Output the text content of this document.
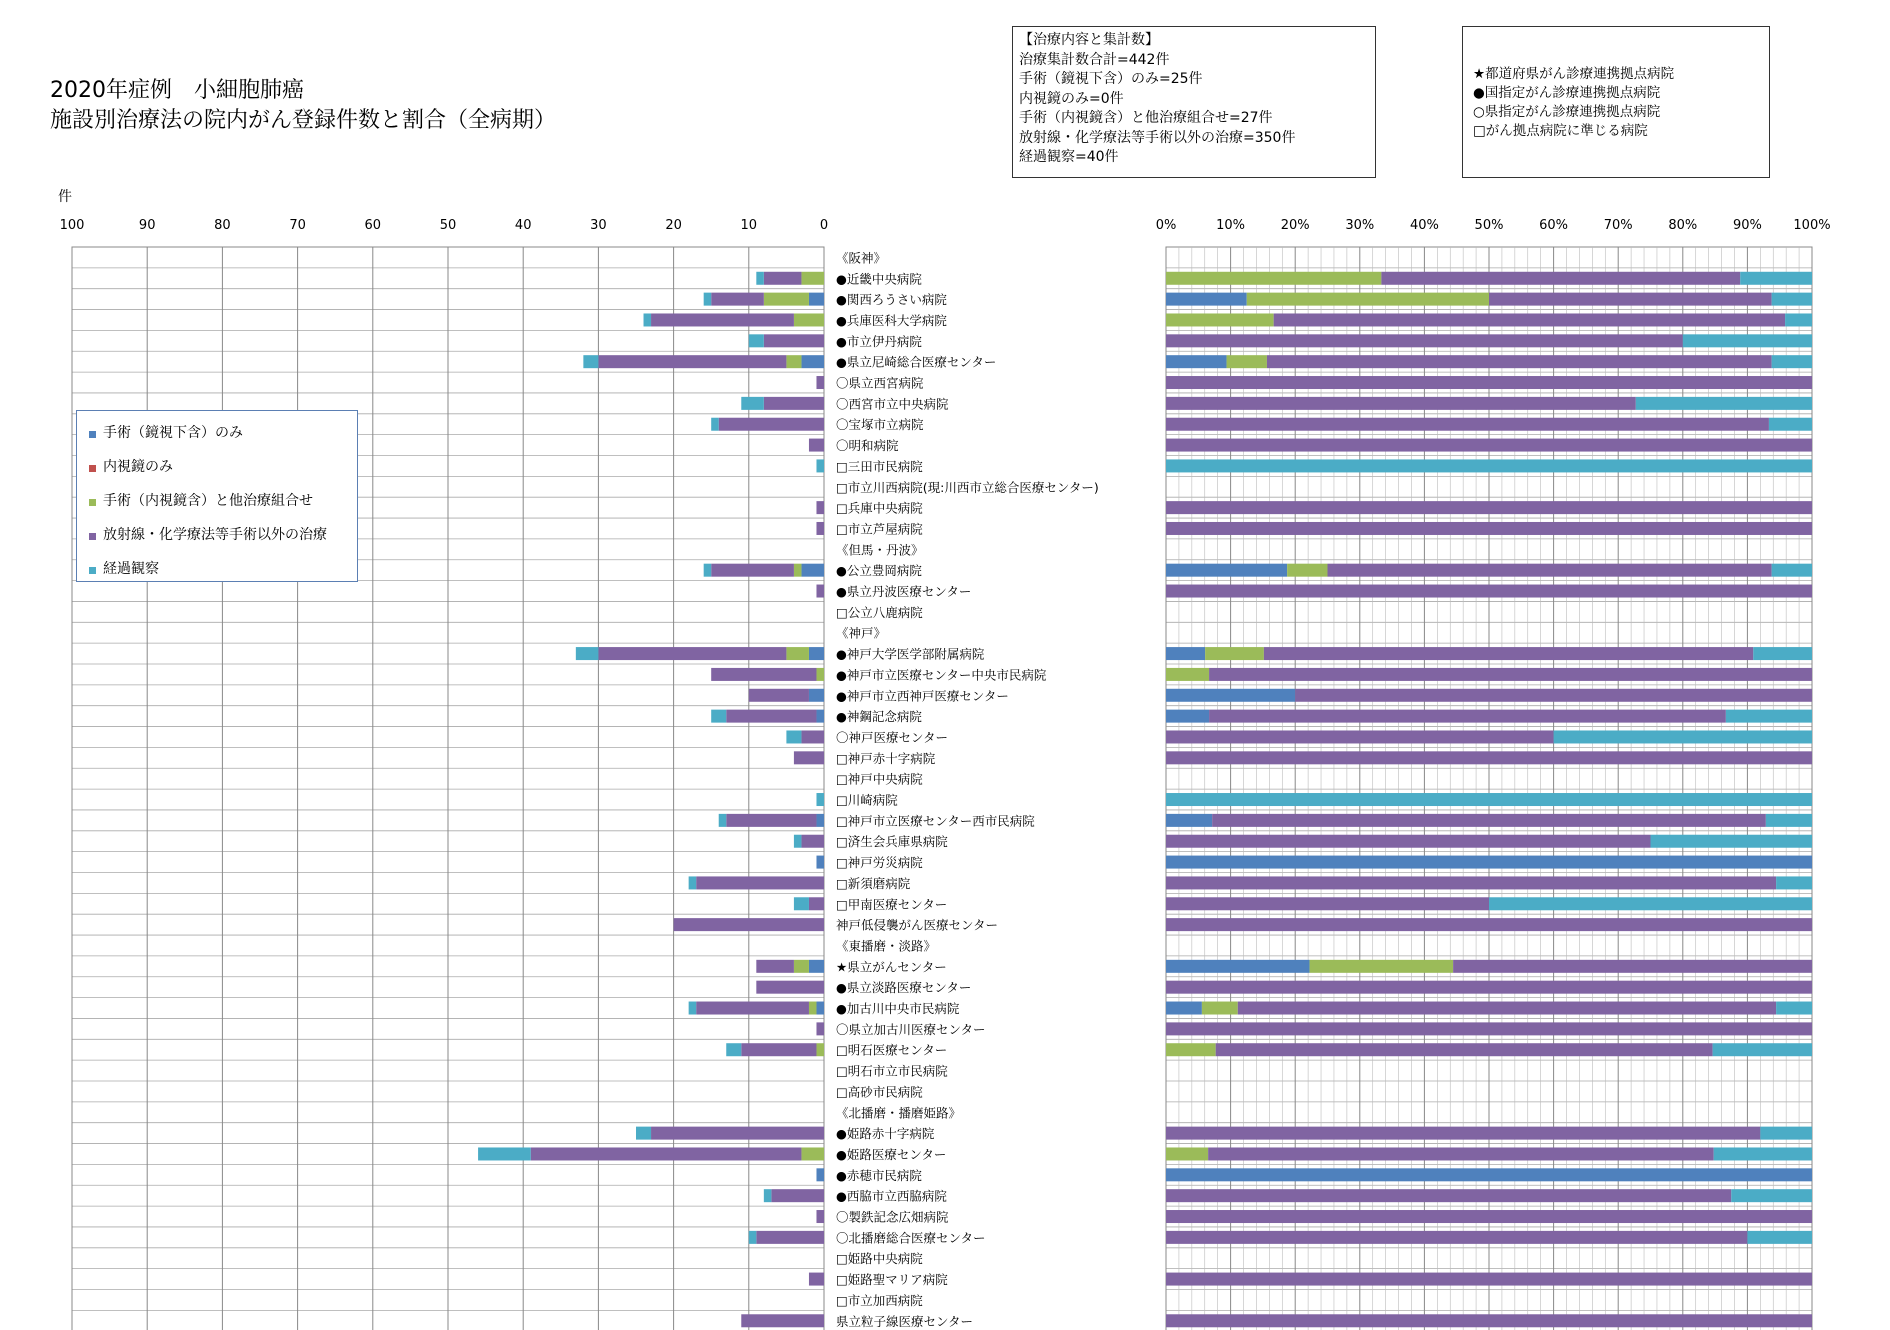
2020年症例　小細胞肺癌
施設別治療法の院内がん登録件数と割合（全病期）
【治療内容と集計数】
治療集計数合計=442件
手術（鏡視下含）のみ=25件
内視鏡のみ=0件
手術（内視鏡含）と他治療組合せ=27件
放射線・化学療法等手術以外の治療=350件
経過観察=40件
★都道府県がん診療連携拠点病院
●国指定がん診療連携拠点病院
○県指定がん診療連携拠点病院
□がん拠点病院に準じる病院
件
100	90	80	70	60	50	40	30	20	10	0	0%	10%	20%	30%	40%	50%	60%	70%	80%	90% 100%
《阪神》
●近畿中央病院
●関西ろうさい病院
●兵庫医科大学病院
●市立伊丹病院
●県立尼崎総合医療センター
〇県立西宮病院
〇西宮市立中央病院
〇宝塚市立病院
〇明和病院
□三田市民病院
□市立川西病院(現:川西市立総合医療センター)
□兵庫中央病院
□市立芦屋病院
《但馬・丹波》
●公立豊岡病院
●県立丹波医療センター
□公立八鹿病院
《神戸》
●神戸大学医学部附属病院
●神戸市立医療センター中央市民病院
●神戸市立西神戸医療センター
●神鋼記念病院
〇神戸医療センター
□神戸赤十字病院
□神戸中央病院
□川崎病院
□神戸市立医療センター西市民病院
□済生会兵庫県病院
□神戸労災病院
□新須磨病院
□甲南医療センター
神戸低侵襲がん医療センター
《東播磨・淡路》
★県立がんセンター
●県立淡路医療センター
●加古川中央市民病院
〇県立加古川医療センター
□明石医療センター
□明石市立市民病院
□高砂市民病院
《北播磨・播磨姫路》
●姫路赤十字病院
●姫路医療センター
●赤穂市民病院
●西脇市立西脇病院
〇製鉄記念広畑病院
〇北播磨総合医療センター
□姫路中央病院
□姫路聖マリア病院
□市立加西病院
県立粒子線医療センター
手術（鏡視下含）のみ
内視鏡のみ
手術（内視鏡含）と他治療組合せ
放射線・化学療法等手術以外の治療
経過観察
